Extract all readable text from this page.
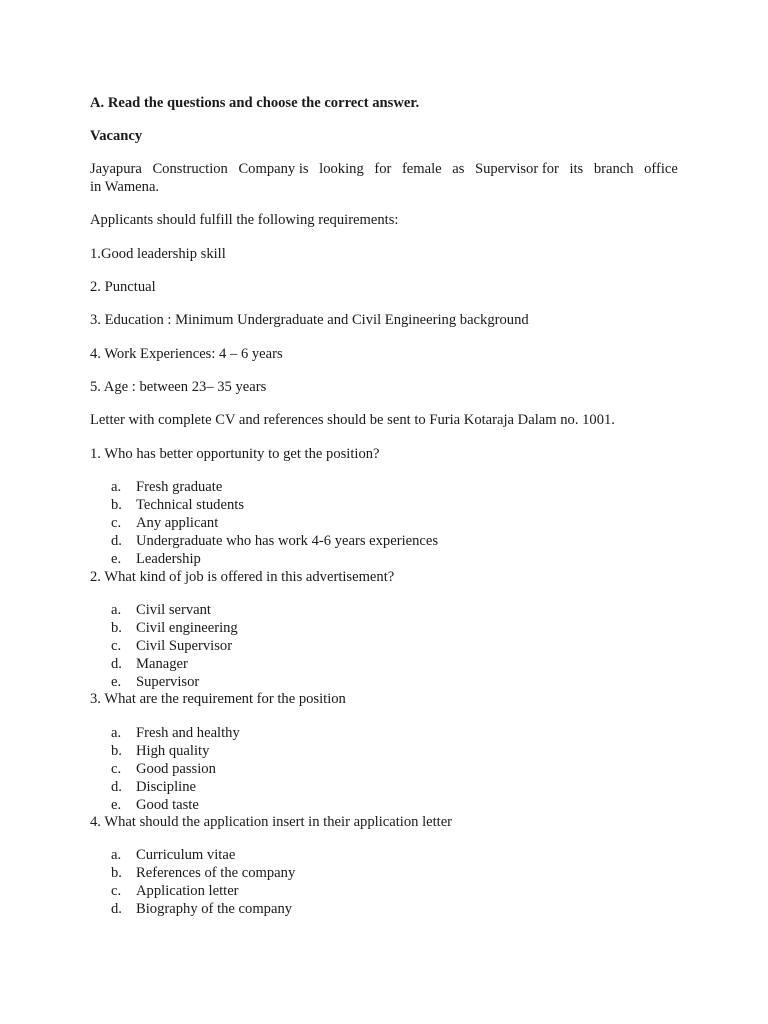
A. Read the questions and choose the correct answer.
Vacancy
Jayapura Construction Company is looking for female as Supervisor for its branch office
in Wamena.
Applicants should fulfill the following requirements:
1.Good leadership skill
2. Punctual
3. Education : Minimum Undergraduate and Civil Engineering background
4. Work Experiences: 4 – 6 years
5. Age : between 23– 35 years
Letter with complete CV and references should be sent to Furia Kotaraja Dalam no. 1001.
1. Who has better opportunity to get the position?
a. Fresh graduate
b. Technical students
c. Any applicant
d. Undergraduate who has work 4-6 years experiences
e. Leadership
2. What kind of job is offered in this advertisement?
a. Civil servant
b. Civil engineering
c. Civil Supervisor
d. Manager
e. Supervisor
3. What are the requirement for the position
a. Fresh and healthy
b. High quality
c. Good passion
d. Discipline
e. Good taste
4. What should the application insert in their application letter
a. Curriculum vitae
b. References of the company
c. Application letter
d. Biography of the company
